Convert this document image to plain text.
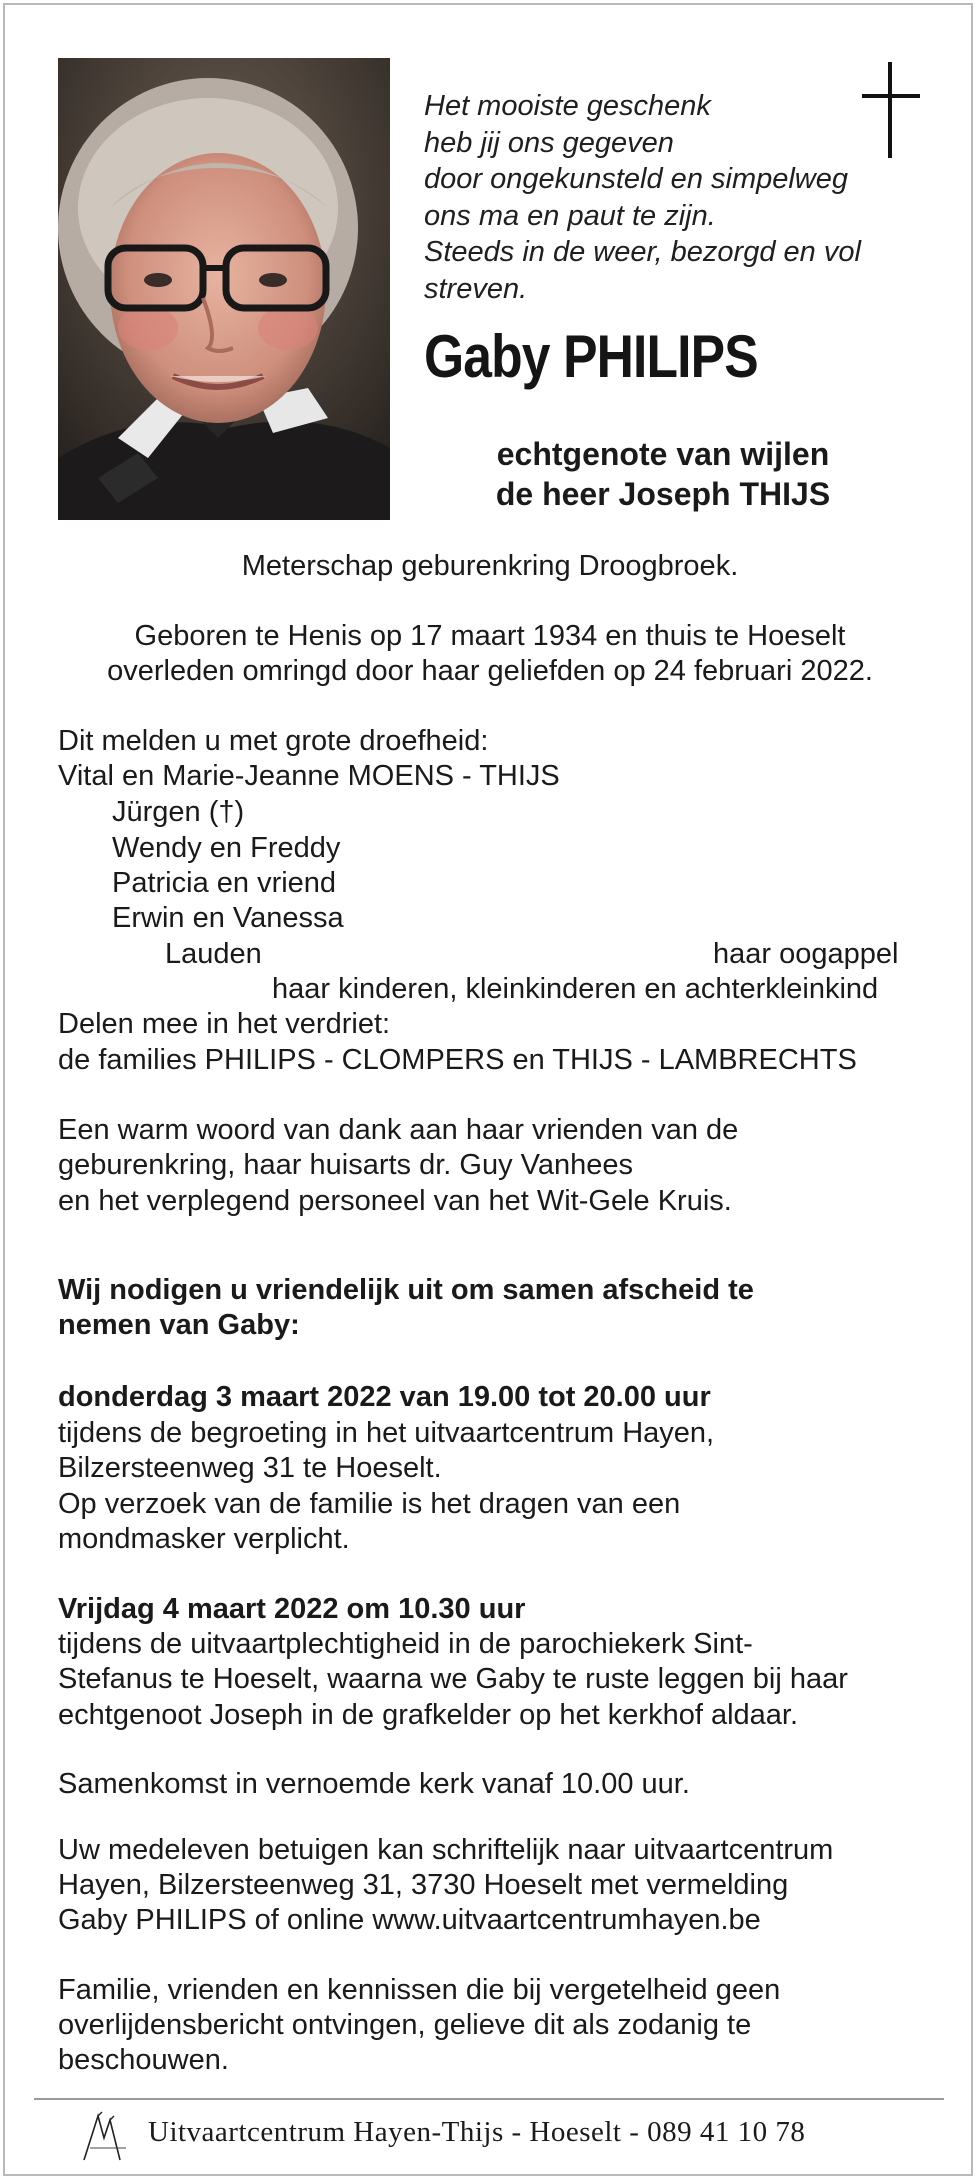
Het mooiste geschenk
heb jij ons gegeven
door ongekunsteld en simpelweg
ons ma en paut te zijn.
Steeds in de weer, bezorgd en vol
streven.
Gaby PHILIPS
echtgenote van wijlen
de heer Joseph THIJS
Meterschap geburenkring Droogbroek.
Geboren te Henis op 17 maart 1934 en thuis te Hoeselt
overleden omringd door haar geliefden op 24 februari 2022.
Dit melden u met grote droefheid:
Vital en Marie-Jeanne MOENS - THIJS
Jürgen (†)
Wendy en Freddy
Patricia en vriend
Erwin en Vanessa
Lauden	haar oogappel
haar kinderen, kleinkinderen en achterkleinkind
Delen mee in het verdriet:
de families PHILIPS - CLOMPERS en THIJS - LAMBRECHTS
Een warm woord van dank aan haar vrienden van de
geburenkring, haar huisarts dr. Guy Vanhees
en het verplegend personeel van het Wit-Gele Kruis.
Wij nodigen u vriendelijk uit om samen afscheid te
nemen van Gaby:
donderdag 3 maart 2022 van 19.00 tot 20.00 uur
tijdens de begroeting in het uitvaartcentrum Hayen,
Bilzersteenweg 31 te Hoeselt.
Op verzoek van de familie is het dragen van een
mondmasker verplicht.
Vrijdag 4 maart 2022 om 10.30 uur
tijdens de uitvaartplechtigheid in de parochiekerk Sint-
Stefanus te Hoeselt, waarna we Gaby te ruste leggen bij haar
echtgenoot Joseph in de grafkelder op het kerkhof aldaar.
Samenkomst in vernoemde kerk vanaf 10.00 uur.
Uw medeleven betuigen kan schriftelijk naar uitvaartcentrum
Hayen, Bilzersteenweg 31, 3730 Hoeselt met vermelding
Gaby PHILIPS of online www.uitvaartcentrumhayen.be
Familie, vrienden en kennissen die bij vergetelheid geen
overlijdensbericht ontvingen, gelieve dit als zodanig te
beschouwen.
Uitvaartcentrum Hayen-Thijs - Hoeselt - 089 41 10 78
